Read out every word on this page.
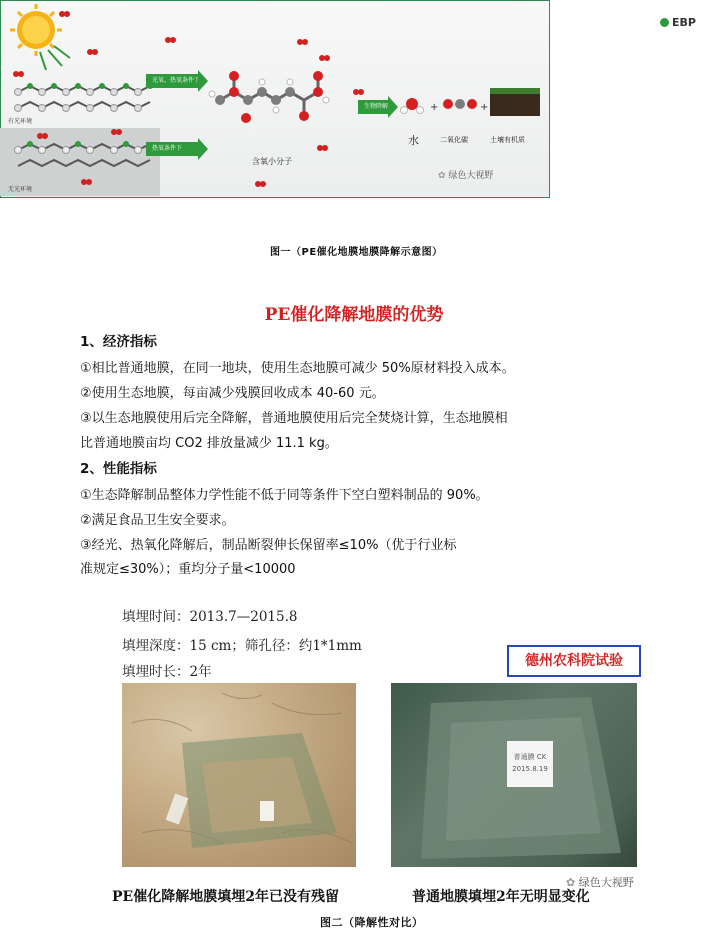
+	+
有光环境
无光环境
光氧、热氧条件下
热氧条件下
生物降解
含氧小分子
水	二氧化碳	土壤有机质
EBP
✿ 绿色大视野
图一（PE催化地膜地膜降解示意图）
PE催化降解地膜的优势
1、经济指标
①相比普通地膜，在同一地块，使用生态地膜可减少 50%原材料投入成本。
②使用生态地膜，每亩减少残膜回收成本 40-60 元。
③以生态地膜使用后完全降解，普通地膜使用后完全焚烧计算，生态地膜相
比普通地膜亩均 CO2 排放量减少 11.1 kg。
2、性能指标
①生态降解制品整体力学性能不低于同等条件下空白塑料制品的 90%。
②满足食品卫生安全要求。
③经光、热氧化降解后，制品断裂伸长保留率≤10%（优于行业标
准规定≤30%）；重均分子量<10000
填埋时间：2013.7—2015.8
填埋深度：15 cm；筛孔径：约1*1mm
填埋时长：2年
德州农科院试验
普通膜 CK
2015.8.19
✿ 绿色大视野
PE催化降解地膜填埋2年已没有残留	普通地膜填埋2年无明显变化
图二（降解性对比）
